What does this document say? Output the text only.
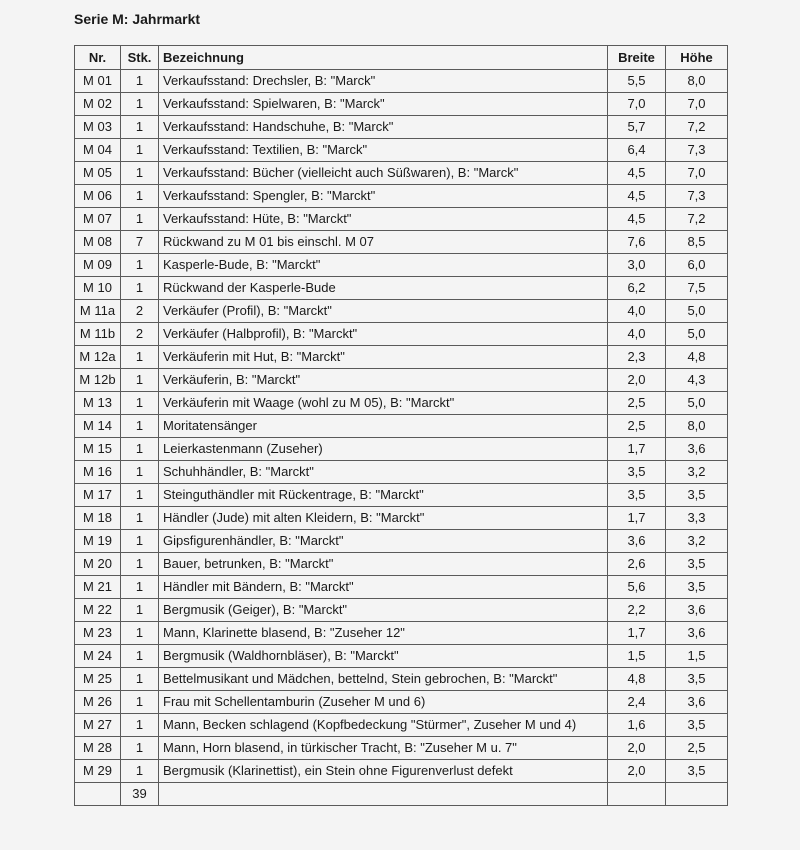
Serie M: Jahrmarkt
Nr.	Stk.	Bezeichnung	Breite	Höhe
M 01	1	Verkaufsstand: Drechsler, B: "Marck"	5,5	8,0
M 02	1	Verkaufsstand: Spielwaren, B: "Marck"	7,0	7,0
M 03	1	Verkaufsstand: Handschuhe, B: "Marck"	5,7	7,2
M 04	1	Verkaufsstand: Textilien, B: "Marck"	6,4	7,3
M 05	1	Verkaufsstand: Bücher (vielleicht auch Süßwaren), B: "Marck"	4,5	7,0
M 06	1	Verkaufsstand: Spengler, B: "Marckt"	4,5	7,3
M 07	1	Verkaufsstand: Hüte, B: "Marckt"	4,5	7,2
M 08	7	Rückwand zu M 01 bis einschl. M 07	7,6	8,5
M 09	1	Kasperle-Bude, B: "Marckt"	3,0	6,0
M 10	1	Rückwand der Kasperle-Bude	6,2	7,5
M 11a	2	Verkäufer (Profil), B: "Marckt"	4,0	5,0
M 11b	2	Verkäufer (Halbprofil), B: "Marckt"	4,0	5,0
M 12a	1	Verkäuferin mit Hut, B: "Marckt"	2,3	4,8
M 12b	1	Verkäuferin, B: "Marckt"	2,0	4,3
M 13	1	Verkäuferin mit Waage (wohl zu M 05), B: "Marckt"	2,5	5,0
M 14	1	Moritatensänger	2,5	8,0
M 15	1	Leierkastenmann (Zuseher)	1,7	3,6
M 16	1	Schuhhändler, B: "Marckt"	3,5	3,2
M 17	1	Steinguthändler mit Rückentrage, B: "Marckt"	3,5	3,5
M 18	1	Händler (Jude) mit alten Kleidern, B: "Marckt"	1,7	3,3
M 19	1	Gipsfigurenhändler, B: "Marckt"	3,6	3,2
M 20	1	Bauer, betrunken, B: "Marckt"	2,6	3,5
M 21	1	Händler mit Bändern, B: "Marckt"	5,6	3,5
M 22	1	Bergmusik (Geiger), B: "Marckt"	2,2	3,6
M 23	1	Mann, Klarinette blasend, B: "Zuseher 12"	1,7	3,6
M 24	1	Bergmusik (Waldhornbläser), B: "Marckt"	1,5	1,5
M 25	1	Bettelmusikant und Mädchen, bettelnd, Stein gebrochen, B: "Marckt"	4,8	3,5
M 26	1	Frau mit Schellentamburin (Zuseher M und 6)	2,4	3,6
M 27	1	Mann, Becken schlagend (Kopfbedeckung "Stürmer", Zuseher M und 4)	1,6	3,5
M 28	1	Mann, Horn blasend, in türkischer Tracht, B: "Zuseher M u. 7"	2,0	2,5
M 29	1	Bergmusik (Klarinettist), ein Stein ohne Figurenverlust defekt	2,0	3,5
	39			
